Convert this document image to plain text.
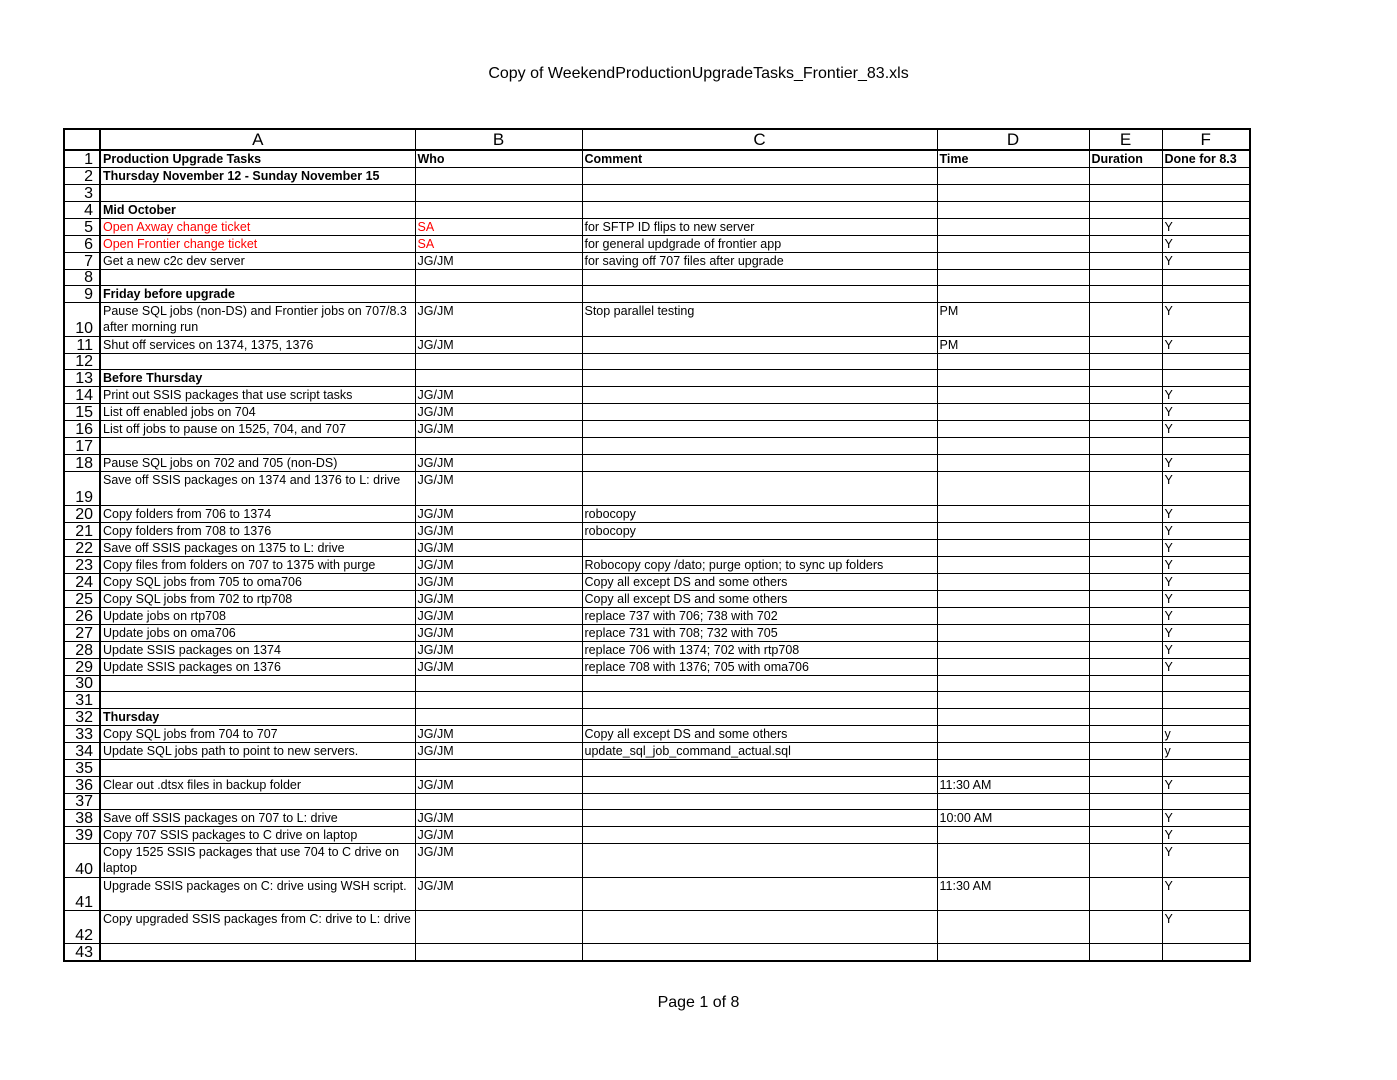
Copy of WeekendProductionUpgradeTasks_Frontier_83.xls
	A	B	C	D	E	F
1	Production Upgrade Tasks	Who	Comment	Time	Duration	Done for 8.3
2	Thursday November 12 - Sunday November 15					
3						
4	Mid October					
5	Open Axway change ticket	SA	for SFTP ID flips to new server			Y
6	Open Frontier change ticket	SA	for general updgrade of frontier app			Y
7	Get a new c2c dev server	JG/JM	for saving off 707 files after upgrade			Y
8						
9	Friday before upgrade					
10	Pause SQL jobs (non-DS) and Frontier jobs on 707/8.3 after morning run	JG/JM	Stop parallel testing	PM		Y
11	Shut off services on 1374, 1375, 1376	JG/JM		PM		Y
12						
13	Before Thursday					
14	Print out SSIS packages that use script tasks	JG/JM				Y
15	List off enabled jobs on 704	JG/JM				Y
16	List off jobs to pause on 1525, 704, and 707	JG/JM				Y
17						
18	Pause SQL jobs on 702 and 705 (non-DS)	JG/JM				Y
19	Save off SSIS packages on 1374 and 1376 to L: drive	JG/JM				Y
20	Copy folders from 706 to 1374	JG/JM	robocopy			Y
21	Copy folders from 708 to 1376	JG/JM	robocopy			Y
22	Save off SSIS packages on 1375 to L: drive	JG/JM				Y
23	Copy files from folders on 707 to 1375 with purge	JG/JM	Robocopy copy /dato; purge option; to sync up folders			Y
24	Copy SQL jobs from 705 to oma706	JG/JM	Copy all except DS and some others			Y
25	Copy SQL jobs from 702 to rtp708	JG/JM	Copy all except DS and some others			Y
26	Update jobs on rtp708	JG/JM	replace 737 with 706; 738 with 702			Y
27	Update jobs on oma706	JG/JM	replace 731 with 708; 732 with 705			Y
28	Update SSIS packages on 1374	JG/JM	replace 706 with 1374; 702 with rtp708			Y
29	Update SSIS packages on 1376	JG/JM	replace 708 with 1376; 705 with oma706			Y
30						
31						
32	Thursday					
33	Copy SQL jobs from 704 to 707	JG/JM	Copy all except DS and some others			y
34	Update SQL jobs path to point to new servers.	JG/JM	update_sql_job_command_actual.sql			y
35						
36	Clear out .dtsx files in backup folder	JG/JM		11:30 AM		Y
37						
38	Save off SSIS packages on 707 to L: drive	JG/JM		10:00 AM		Y
39	Copy 707 SSIS packages to C drive on laptop	JG/JM				Y
40	Copy 1525 SSIS packages that use 704 to C drive on laptop	JG/JM				Y
41	Upgrade SSIS packages on C: drive using WSH script.	JG/JM		11:30 AM		Y
42	Copy upgraded SSIS packages from C: drive to L: drive					Y
43						
Page 1 of 8
